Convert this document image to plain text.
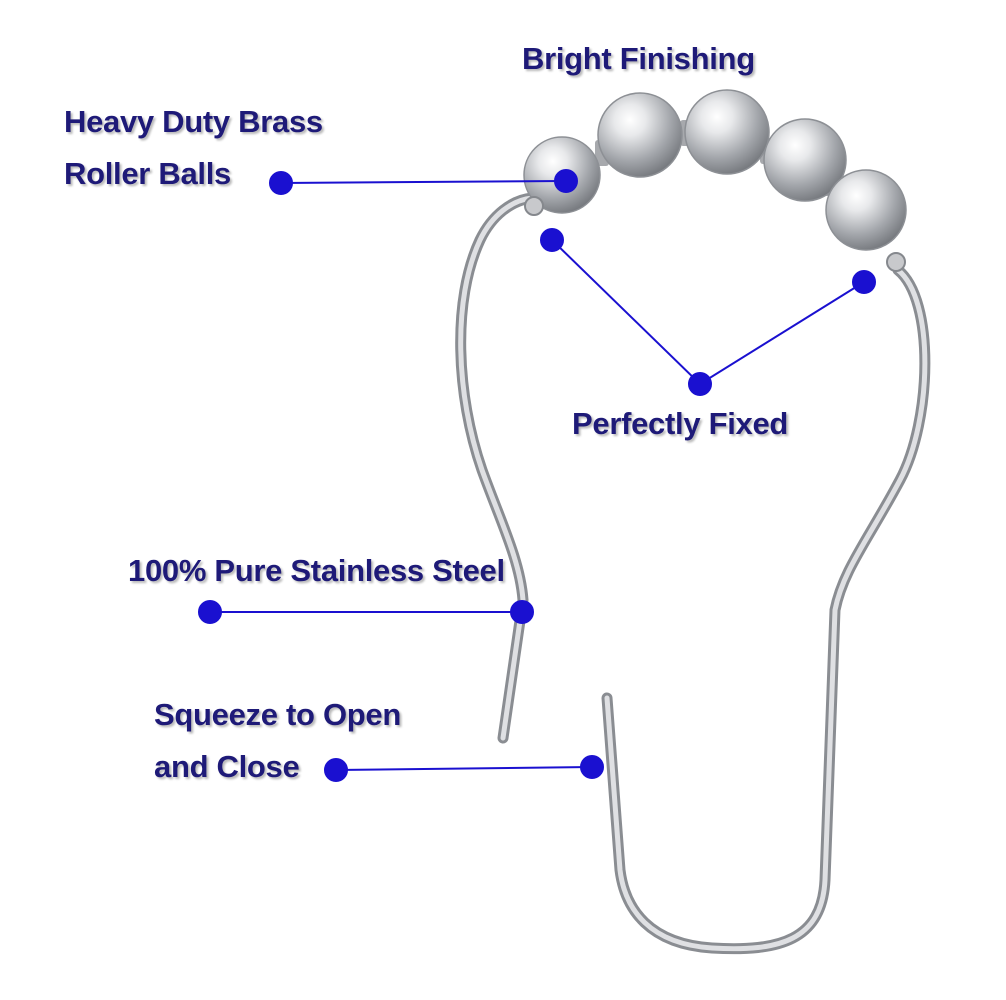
Bright Finishing
Heavy Duty Brass
Roller Balls
Perfectly Fixed
100% Pure Stainless Steel
Squeeze to Open
and Close
